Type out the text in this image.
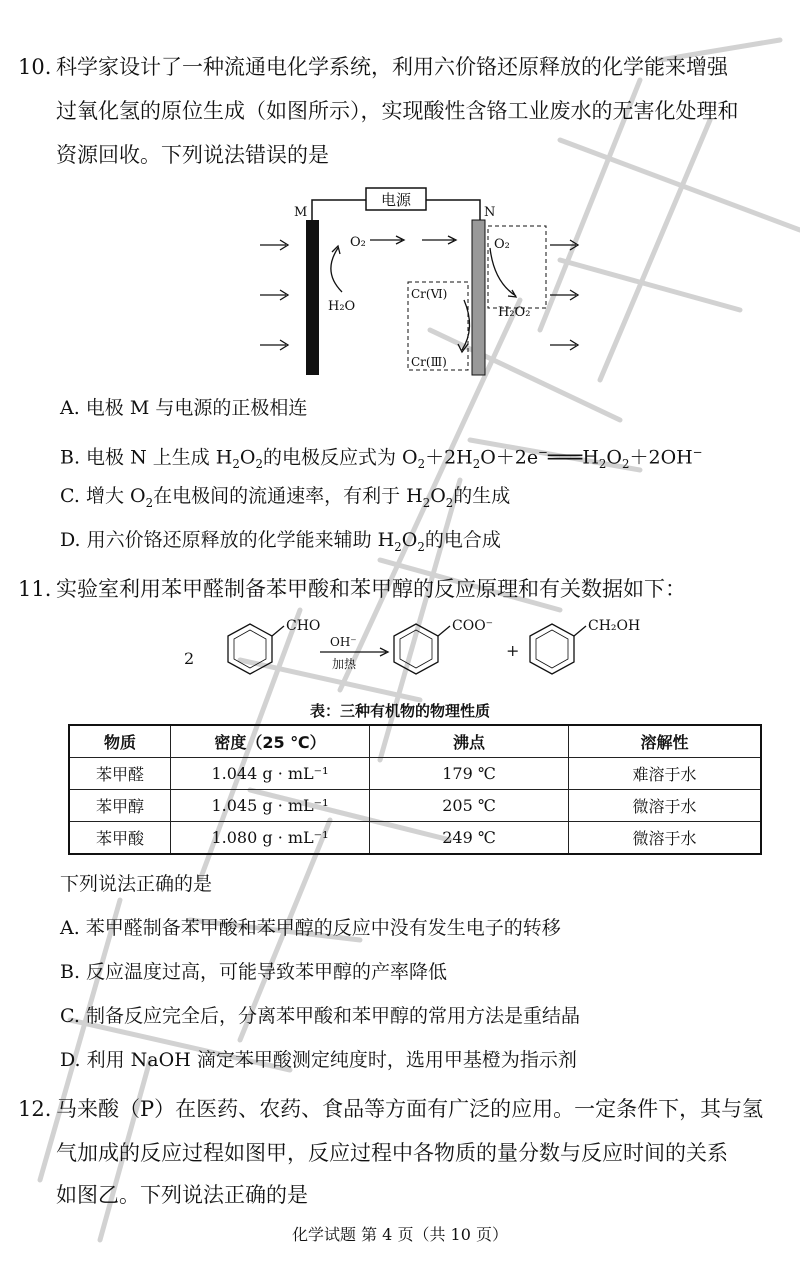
10. 科学家设计了一种流通电化学系统，利用六价铬还原释放的化学能来增强
过氧化氢的原位生成（如图所示），实现酸性含铬工业废水的无害化处理和
资源回收。下列说法错误的是
电源
M	N
O₂
H₂O
O₂
H₂O₂
Cr(Ⅵ)
Cr(Ⅲ)
A. 电极 M 与电源的正极相连
B. 电极 N 上生成 $H_2O_2$的电极反应式为 $O_2+2H_2O+2e^-═══H_2O_2+2OH^-$
C. 增大 $O_2$在电极间的流通速率，有利于 $H_2O_2$的生成
D. 用六价铬还原释放的化学能来辅助 $H_2O_2$的电合成
11. 实验室利用苯甲醛制备苯甲酸和苯甲醇的反应原理和有关数据如下：
2
CHO
OH⁻
加热
COO⁻
+
CH₂OH
表：三种有机物的物理性质
物质	密度（25 ℃）	沸点	溶解性
苯甲醛	1.044 g · mL⁻¹	179 ℃	难溶于水
苯甲醇	1.045 g · mL⁻¹	205 ℃	微溶于水
苯甲酸	1.080 g · mL⁻¹	249 ℃	微溶于水
下列说法正确的是
A. 苯甲醛制备苯甲酸和苯甲醇的反应中没有发生电子的转移
B. 反应温度过高，可能导致苯甲醇的产率降低
C. 制备反应完全后，分离苯甲酸和苯甲醇的常用方法是重结晶
D. 利用 NaOH 滴定苯甲酸测定纯度时，选用甲基橙为指示剂
12. 马来酸（P）在医药、农药、食品等方面有广泛的应用。一定条件下，其与氢
气加成的反应过程如图甲，反应过程中各物质的量分数与反应时间的关系
如图乙。下列说法正确的是
化学试题 第 4 页（共 10 页）
